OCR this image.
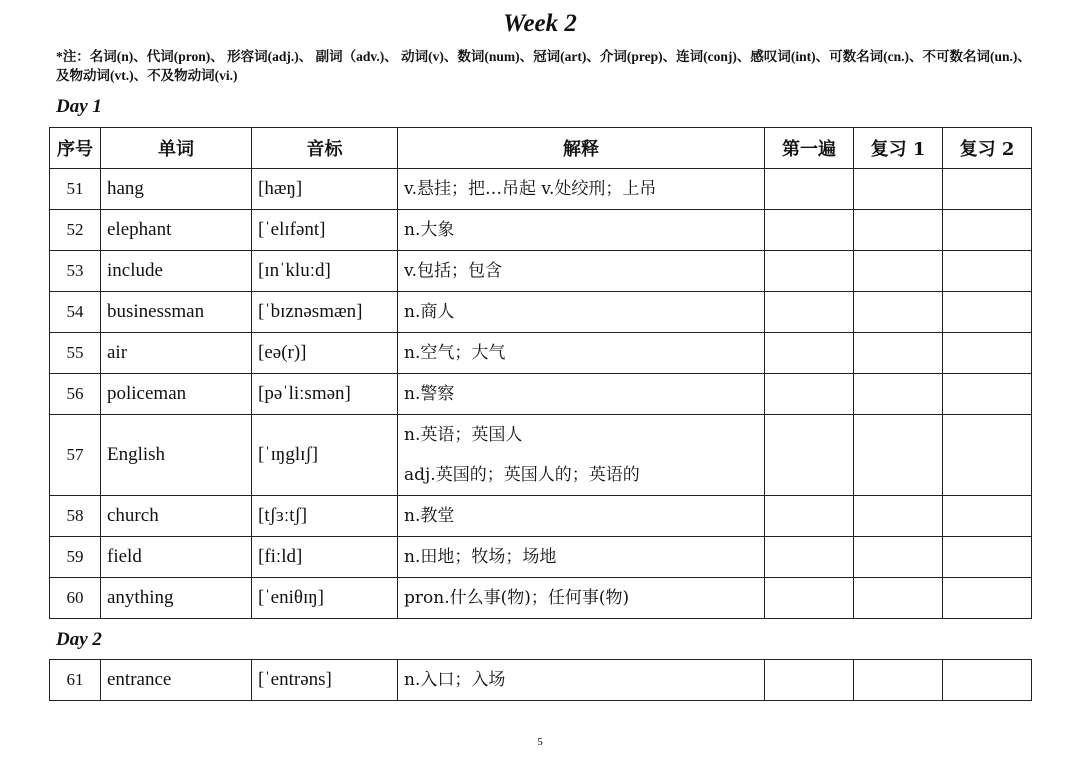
Week 2
*注：名词(n)、代词(pron)、 形容词(adj.)、 副词（adv.)、 动词(v)、数词(num)、冠词(art)、介词(prep)、连词(conj)、感叹词(int)、可数名词(cn.)、不可数名词(un.)、及物动词(vt.)、不及物动词(vi.)
Day 1
序号	单词	音标	解释	第一遍	复习 1	复习 2
51	hang	[hæŋ]	v.悬挂；把…吊起 v.处绞刑；上吊			

52	elephant	[ˈelɪfənt]	n.大象			

53	include	[ɪnˈkluːd]	v.包括；包含			

54	businessman	[ˈbɪznəsmæn]	n.商人			

55	air	[eə(r)]	n.空气；大气			

56	policeman	[pəˈliːsmən]	n.警察			

57	English	[ˈɪŋglɪʃ]	n.英语；英国人
adj.英国的；英国人的；英语的			

58	church	[tʃɜːtʃ]	n.教堂			

59	field	[fiːld]	n.田地；牧场；场地			

60	anything	[ˈeniθɪŋ]	pron.什么事(物)；任何事(物)			

Day 2
61	entrance	[ˈentrəns]	n.入口；入场

5
